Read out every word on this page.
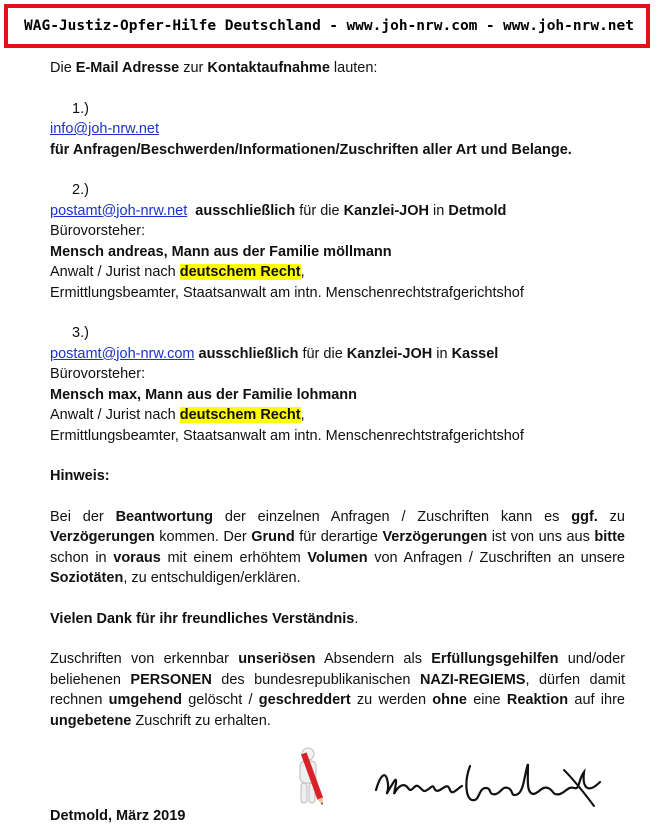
WAG-Justiz-Opfer-Hilfe Deutschland - www.joh-nrw.com - www.joh-nrw.net

Die E-Mail Adresse zur Kontaktaufnahme lauten:

1.)

info@joh-nrw.net

für Anfragen/Beschwerden/Informationen/Zuschriften aller Art und Belange.

2.)

postamt@joh-nrw.net ausschließlich für die Kanzlei-JOH in Detmold

Bürovorsteher:

Mensch andreas, Mann aus der Familie möllmann

Anwalt / Jurist nach deutschem Recht,

Ermittlungsbeamter, Staatsanwalt am intn. Menschenrechtstrafgerichtshof

3.)

postamt@joh-nrw.com ausschließlich für die Kanzlei-JOH in Kassel

Bürovorsteher:

Mensch max, Mann aus der Familie lohmann

Anwalt / Jurist nach deutschem Recht,

Ermittlungsbeamter, Staatsanwalt am intn. Menschenrechtstrafgerichtshof

Hinweis:

Bei der Beantwortung der einzelnen Anfragen / Zuschriften kann es ggf. zu Verzögerungen kommen. Der Grund für derartige Verzögerungen ist von uns aus bitte schon in voraus mit einem erhöhtem Volumen von Anfragen / Zuschriften an unsere Soziotäten, zu entschuldigen/erklären.

Vielen Dank für ihr freundliches Verständnis.

Zuschriften von erkennbar unseriösen Absendern als Erfüllungsgehilfen und/oder beliehenen PERSONEN des bundesrepublikanischen NAZI-REGIEMS, dürfen damit rechnen umgehend gelöscht / geschreddert zu werden ohne eine Reaktion auf ihre ungebetene Zuschrift zu erhalten.

Detmold, März 2019
